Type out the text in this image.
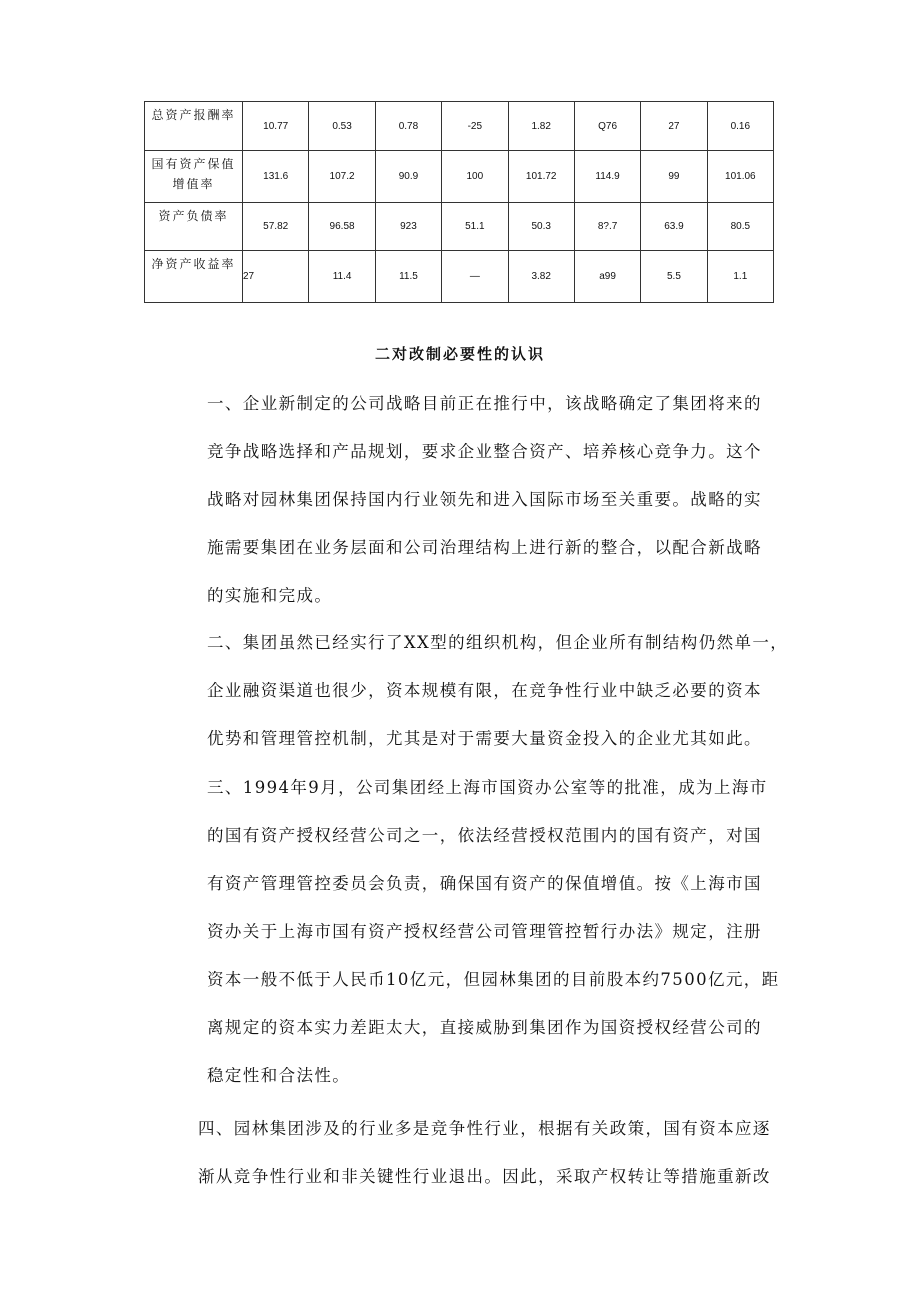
总资产报酬率	10.77	0.53	0.78	-25	1.82	Q76	27	0.16
国有资产保值增值率	131.6	107.2	90.9	100	101.72	114.9	99	101.06
资产负债率	57.82	96.58	923	51.1	50.3	8?.7	63.9	80.5
净资产收益率	27	11.4	11.5	—	3.82	a99	5.5	1.1
二对改制必要性的认识

一、企业新制定的公司战略目前正在推行中，该战略确定了集团将来的
竞争战略选择和产品规划，要求企业整合资产、培养核心竞争力。这个
战略对园林集团保持国内行业领先和进入国际市场至关重要。战略的实
施需要集团在业务层面和公司治理结构上进行新的整合，以配合新战略
的实施和完成。

二、集团虽然已经实行了XX型的组织机构，但企业所有制结构仍然单一，
企业融资渠道也很少，资本规模有限，在竞争性行业中缺乏必要的资本
优势和管理管控机制，尤其是对于需要大量资金投入的企业尤其如此。

三、1994年9月，公司集团经上海市国资办公室等的批准，成为上海市
的国有资产授权经营公司之一，依法经营授权范围内的国有资产，对国
有资产管理管控委员会负责，确保国有资产的保值增值。按《上海市国
资办关于上海市国有资产授权经营公司管理管控暂行办法》规定，注册
资本一般不低于人民币10亿元，但园林集团的目前股本约7500亿元，距
离规定的资本实力差距太大，直接威胁到集团作为国资授权经营公司的
稳定性和合法性。

四、园林集团涉及的行业多是竞争性行业，根据有关政策，国有资本应逐
渐从竞争性行业和非关键性行业退出。因此，采取产权转让等措施重新改
